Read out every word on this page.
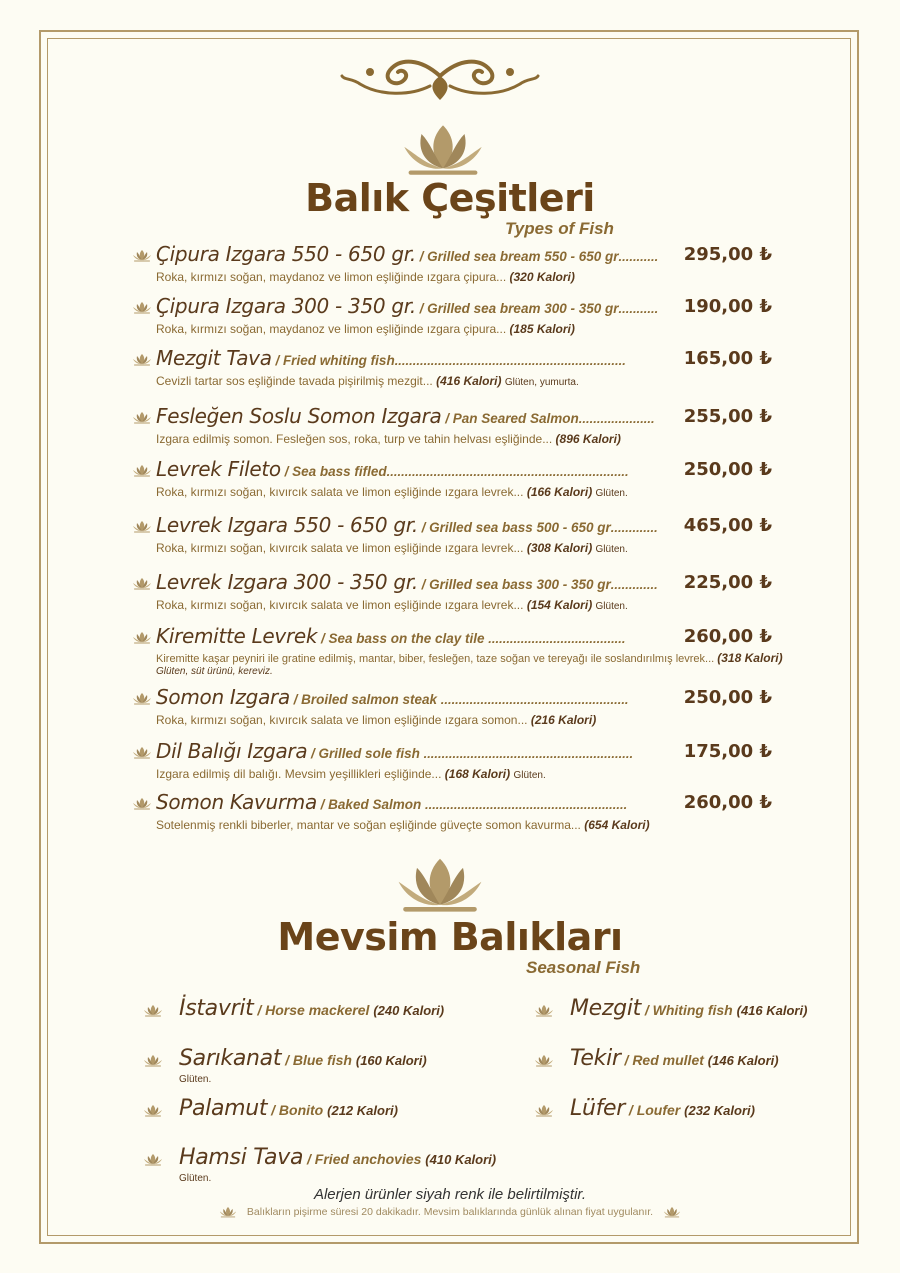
Balık Çeşitleri
Types of Fish
Çipura Izgara 550 - 650 gr. / Grilled sea bream 550 - 650 gr........... 295,00 ₺
Roka, kırmızı soğan, maydanoz ve limon eşliğinde ızgara çipura... (320 Kalori)
Çipura Izgara 300 - 350 gr. / Grilled sea bream 300 - 350 gr........... 190,00 ₺
Roka, kırmızı soğan, maydanoz ve limon eşliğinde ızgara çipura... (185 Kalori)
Mezgit Tava / Fried whiting fish................................................................	165,00 ₺
Cevizli tartar sos eşliğinde tavada pişirilmiş mezgit... (416 Kalori) Glüten, yumurta.
Fesleğen Soslu Somon Izgara / Pan Seared Salmon..................... 255,00 ₺
Izgara edilmiş somon. Fesleğen sos, roka, turp ve tahin helvası eşliğinde... (896 Kalori)
Levrek Fileto / Sea bass fifled...................................................................	250,00 ₺
Roka, kırmızı soğan, kıvırcık salata ve limon eşliğinde ızgara levrek... (166 Kalori) Glüten.
Levrek Izgara 550 - 650 gr. / Grilled sea bass 500 - 650 gr............. 465,00 ₺
Roka, kırmızı soğan, kıvırcık salata ve limon eşliğinde ızgara levrek... (308 Kalori) Glüten.
Levrek Izgara 300 - 350 gr. / Grilled sea bass 300 - 350 gr............. 225,00 ₺
Roka, kırmızı soğan, kıvırcık salata ve limon eşliğinde ızgara levrek... (154 Kalori) Glüten.
Kiremitte Levrek / Sea bass on the clay tile ......................................	260,00 ₺
Kiremitte kaşar peyniri ile gratine edilmiş, mantar, biber, fesleğen, taze soğan ve tereyağı ile soslandırılmış levrek... (318 Kalori)
Glüten, süt ürünü, kereviz.
Somon Izgara / Broiled salmon steak ....................................................	250,00 ₺
Roka, kırmızı soğan, kıvırcık salata ve limon eşliğinde ızgara somon... (216 Kalori)
Dil Balığı Izgara / Grilled sole fish ..........................................................	175,00 ₺
Izgara edilmiş dil balığı. Mevsim yeşillikleri eşliğinde... (168 Kalori) Glüten.
Somon Kavurma / Baked Salmon ........................................................	260,00 ₺
Sotelenmiş renkli biberler, mantar ve soğan eşliğinde güveçte somon kavurma... (654 Kalori)
Mevsim Balıkları
Seasonal Fish
İstavrit / Horse mackerel (240 Kalori)	Mezgit / Whiting fish (416 Kalori)
Sarıkanat / Blue fish (160 Kalori)
Glüten.
Tekir / Red mullet (146 Kalori)
Palamut / Bonito (212 Kalori)	Lüfer / Loufer (232 Kalori)
Hamsi Tava / Fried anchovies (410 Kalori)
Glüten.
Alerjen ürünler siyah renk ile belirtilmiştir.
Balıkların pişirme süresi 20 dakikadır. Mevsim balıklarında günlük alınan fiyat uygulanır.
